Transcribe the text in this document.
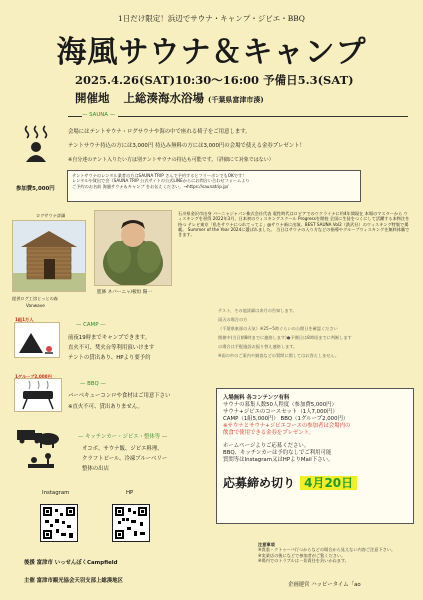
1日だけ限定！浜辺でサウナ・キャンプ・ジビエ・BBQ
海風サウナ＆キャンプ
2025.4.26(SAT)10:30～16:00 予備日5.3(SAT)
開催地 上総湊海水浴場 (千葉県富津市湊)
参加費5,000円
— SAUNA —
会場にはテントサウナ・ログサウナや海の中で座れる椅子をご用意します。
テントサウナ持込の方には3,000円 持込み無料の方には3,000円の会場で使える金券プレゼント！
※自分達のテント入りたい方は別テントサウナの持込も可能です。（詳細にて対象ではない）
テントサウナのレンタル業者の方はSAUNA TRIP さんで予約するとフリーボンでもOKです！
レンタルや貸出で会（SAUNA TRIP 公式サイトの公式LINEからにお問合い合わせフォームより
ご予約のお名前 海風サウナ＆キャンプ をお伝えください。→https://saunatrip.jp/
ログサウナ詳細
提供ログ工房とっとの森
Vanwave
監修 ネバーニャ/板垣 陽一
石川県金沢市出身 バーニャジャパン株式会社代表 電性時代はロビアでのウクライナに約4年間現在 本場のマスターから ウィスキングを習得 2022年3月、日本初のウィスキングスクール Progressを開校 全国に生徒をつくにして活躍する本物注を持つ テレビ東京「私をサウナにつれてってよ」@サウナ新に出演。BEST SAUNA Vol2（鉄武社）のウィスキング特集で掲載。 Summer of the Year 2024に選ばれました。 当日はサウナの入り方などの指導やグループウィスキングを無料体験できます。
1組1万人
— CAMP —
前夜19時までキャンプできます。
直火不可、焚火台等利用頂いけます
テントの貸出あり、HPより要予約
1グループ2,000円
— BBQ —
バーベキューコンロや食材はご用意下さい
※直火不可、貸出ありません。
— キッチンカー・ジビエ・整体等 —
オコボ、サウナ飯、ジビエ料理、
クラフトビール、冷凍ブルーベリー
整体の出店
テスト、その他詳細は来月の告知します。
雨天の場合の方
（千葉県東部の天気）※25~5時ぐらいの公開日を確認ください
開催中(当日朝8時までに連絡します)●予備日は8時頃までに判断します
の場合は手配施設お振り替え連絡します。
※雨の中のご案内や調査などの質問に関してはお答えしません。
入場無料 各コンテンツ有料
サウナの募集人数50人程度（参加費5,000円）
サウナ+ジビエのコースセット（1人7,000円）
CAMP（1組5,000円） BBQ（1グループ2,000円）
※サウナとサウナ+ジビエコースの参加者は会場内の
飲食で使用できる金券をプレゼント。
ホームページよりご応募ください。
BBQ、キッチンカーは予約なしでご利用可能
質問等はInstagram又はHPよりMail下さい。
応募締め切り 4月20日
Instagram	HP
後援 富津市 いっせんぼくCampfield
主催 富津市観光協会天羽支部上総湊地区
注意事項
※貴重・クトゥーバ行つからなどの場合から見えない内容ご注意下さい。
※実業店の後になどで参加者がご覧ください。
※場内でのトラブルは一切責任を負いかねます。
企画運営 ハッピータイム「ao
